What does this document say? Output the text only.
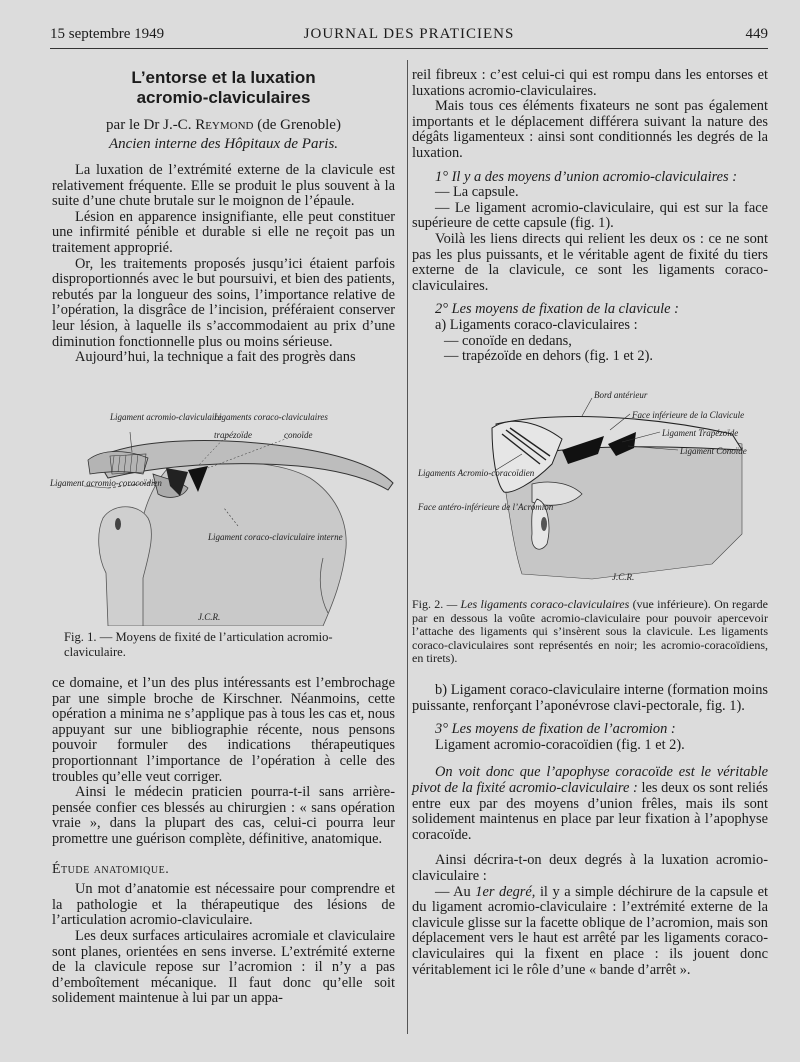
15 septembre 1949	JOURNAL DES PRATICIENS	449
L’entorse et la luxation
acromio-claviculaires
par le Dr J.-C. Reymond (de Grenoble)
Ancien interne des Hôpitaux de Paris.

La luxation de l’extrémité externe de la clavicule est relativement fréquente. Elle se produit le plus souvent à la suite d’une chute brutale sur le moignon de l’épaule.

Lésion en apparence insignifiante, elle peut constituer une infirmité pénible et durable si elle ne reçoit pas un traitement approprié.

Or, les traitements proposés jusqu’ici étaient parfois disproportionnés avec le but poursuivi, et bien des patients, rebutés par la longueur des soins, l’importance relative de l’opération, la disgrâce de l’incision, préféraient conserver leur lésion, à laquelle ils s’accommodaient au prix d’une diminution fonctionnelle plus ou moins sérieuse.

Aujourd’hui, la technique a fait des progrès dans

Ligament acromio-claviculaire
Ligaments coraco-claviculaires
trapézoïde	conoïde
Ligament acromio-coracoïdien
Ligament coraco-claviculaire interne
J.C.R.
Fig. 1. — Moyens de fixité de l’articulation acromio-claviculaire.

ce domaine, et l’un des plus intéressants est l’embrochage par une simple broche de Kirschner. Néanmoins, cette opération a minima ne s’applique pas à tous les cas et, nous appuyant sur une bibliographie récente, nous pensons pouvoir formuler des indications thérapeutiques proportionnant l’importance de l’opération à celle des troubles qu’elle veut corriger.

Ainsi le médecin praticien pourra-t-il sans arrière-pensée confier ces blessés au chirurgien : « sans opération vraie », dans la plupart des cas, celui-ci pourra leur promettre une guérison complète, définitive, anatomique.

Étude anatomique.

Un mot d’anatomie est nécessaire pour comprendre et la pathologie et la thérapeutique des lésions de l’articulation acromio-claviculaire.

Les deux surfaces articulaires acromiale et claviculaire sont planes, orientées en sens inverse. L’extrémité externe de la clavicule repose sur l’acromion : il n’y a pas d’emboîtement mécanique. Il faut donc qu’elle soit solidement maintenue à lui par un appa-

reil fibreux : c’est celui-ci qui est rompu dans les entorses et luxations acromio-claviculaires.

Mais tous ces éléments fixateurs ne sont pas également importants et le déplacement différera suivant la nature des dégâts ligamenteux : ainsi sont conditionnés les degrés de la luxation.

1° Il y a des moyens d’union acromio-claviculaires :

— La capsule.

— Le ligament acromio-claviculaire, qui est sur la face supérieure de cette capsule (fig. 1).

Voilà les liens directs qui relient les deux os : ce ne sont pas les plus puissants, et le véritable agent de fixité du tiers externe de la clavicule, ce sont les ligaments coraco-claviculaires.

2° Les moyens de fixation de la clavicule :

a) Ligaments coraco-claviculaires :

— conoïde en dedans,

— trapézoïde en dehors (fig. 1 et 2).

Bord antérieur
Face inférieure de la Clavicule
Ligament Trapézoïde
Ligament Conoïde
Ligaments Acromio-coracoïdien
Face antéro-inférieure de l’Acromion
J.C.R.
Fig. 2. — Les ligaments coraco-claviculaires (vue inférieure). On regarde par en dessous la voûte acromio-claviculaire pour pouvoir apercevoir l’attache des ligaments qui s’insèrent sous la clavicule. Les ligaments coraco-claviculaires sont représentés en noir; les acromio-coracoïdiens, en tirets).

b) Ligament coraco-claviculaire interne (formation moins puissante, renforçant l’aponévrose clavi-pectorale, fig. 1).

3° Les moyens de fixation de l’acromion :

Ligament acromio-coracoïdien (fig. 1 et 2).

On voit donc que l’apophyse coracoïde est le véritable pivot de la fixité acromio-claviculaire : les deux os sont reliés entre eux par des moyens d’union frêles, mais ils sont solidement maintenus en place par leur fixation à l’apophyse coracoïde.

Ainsi décrira-t-on deux degrés à la luxation acromio-claviculaire :

— Au 1er degré, il y a simple déchirure de la capsule et du ligament acromio-claviculaire : l’extrémité externe de la clavicule glisse sur la facette oblique de l’acromion, mais son déplacement vers le haut est arrêté par les ligaments coraco-claviculaires qui la fixent en place : ils jouent donc véritablement ici le rôle d’une « bande d’arrêt ».
